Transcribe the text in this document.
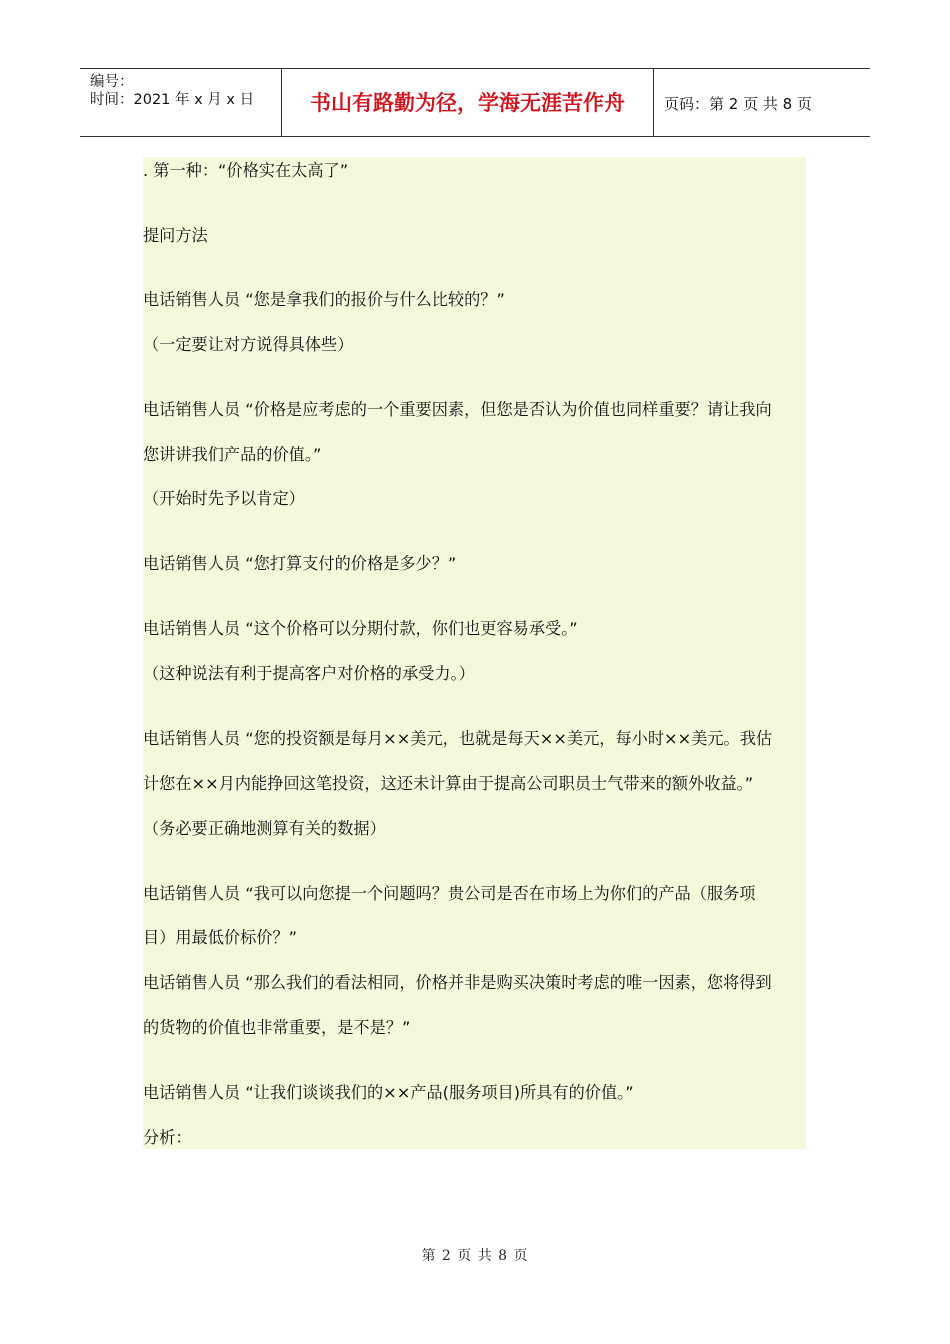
编号：
时间：2021 年 x 月 x 日	书山有路勤为径，学海无涯苦作舟	页码：第 2 页 共 8 页
. 第一种：“价格实在太高了”
提问方法
电话销售人员 “您是拿我们的报价与什么比较的？”
（一定要让对方说得具体些）
电话销售人员 “价格是应考虑的一个重要因素，但您是否认为价值也同样重要？请让我向
您讲讲我们产品的价值。”
（开始时先予以肯定）
电话销售人员 “您打算支付的价格是多少？”
电话销售人员 “这个价格可以分期付款，你们也更容易承受。”
（这种说法有利于提高客户对价格的承受力。）
电话销售人员 “您的投资额是每月××美元，也就是每天××美元，每小时××美元。我估
计您在××月内能挣回这笔投资，这还未计算由于提高公司职员士气带来的额外收益。”
（务必要正确地测算有关的数据）
电话销售人员 “我可以向您提一个问题吗？贵公司是否在市场上为你们的产品（服务项
目）用最低价标价？”
电话销售人员 “那么我们的看法相同，价格并非是购买决策时考虑的唯一因素，您将得到
的货物的价值也非常重要，是不是？”
电话销售人员 “让我们谈谈我们的××产品(服务项目)所具有的价值。”
分析：
第 2 页 共 8 页
